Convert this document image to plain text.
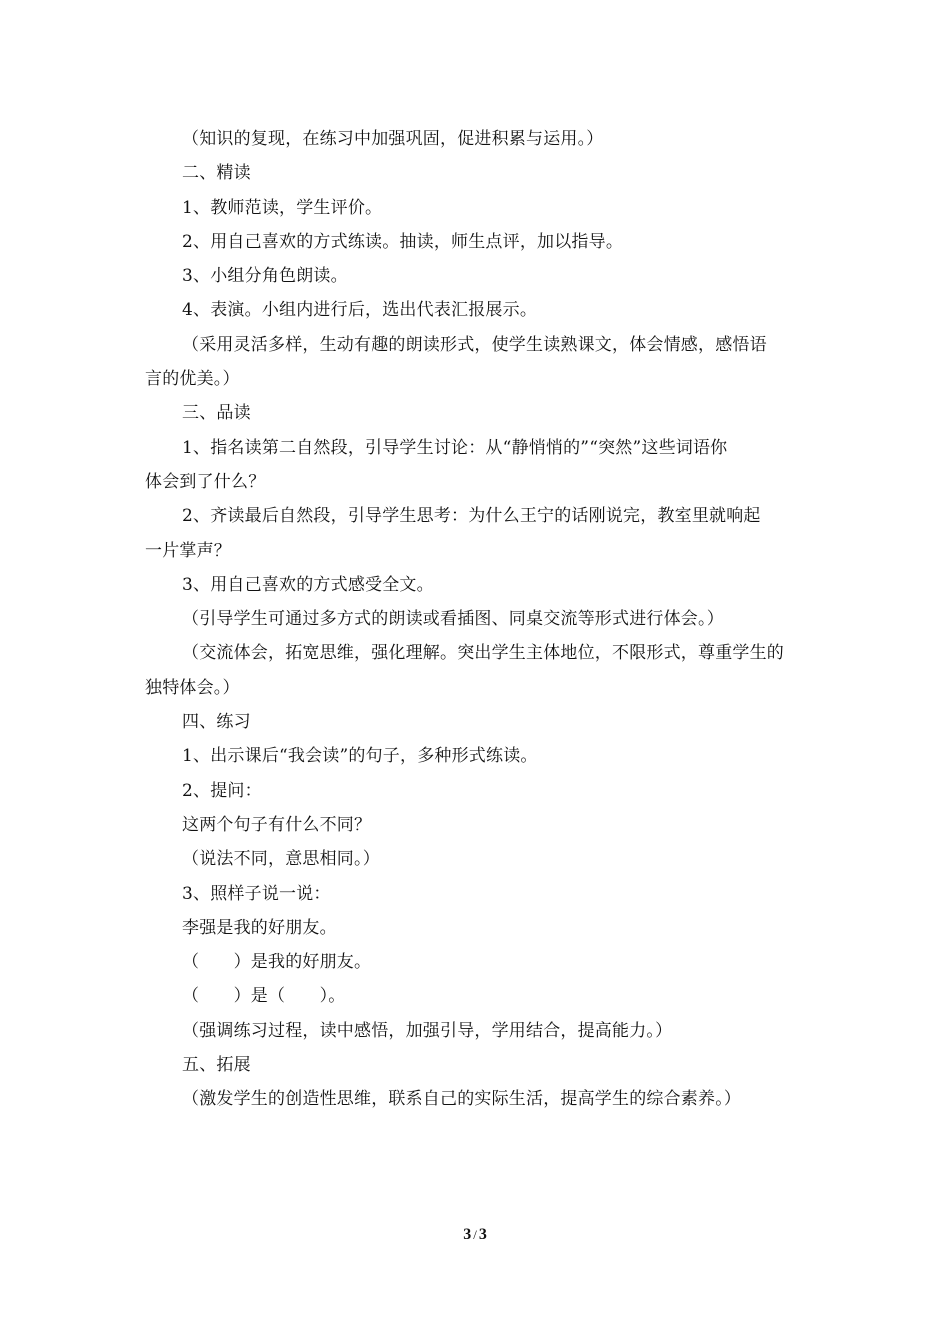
（知识的复现，在练习中加强巩固，促进积累与运用。）
二、精读
1、教师范读，学生评价。
2、用自己喜欢的方式练读。抽读，师生点评，加以指导。
3、小组分角色朗读。
4、表演。小组内进行后，选出代表汇报展示。
（采用灵活多样，生动有趣的朗读形式，使学生读熟课文，体会情感，感悟语
言的优美。）
三、品读
1、指名读第二自然段，引导学生讨论：从“静悄悄的”“突然”这些词语你
体会到了什么？
2、齐读最后自然段，引导学生思考：为什么王宁的话刚说完，教室里就响起
一片掌声？
3、用自己喜欢的方式感受全文。
（引导学生可通过多方式的朗读或看插图、同桌交流等形式进行体会。）
（交流体会，拓宽思维，强化理解。突出学生主体地位，不限形式，尊重学生的
独特体会。）
四、练习
1、出示课后“我会读”的句子，多种形式练读。
2、提问：
这两个句子有什么不同？
（说法不同，意思相同。）
3、照样子说一说：
李强是我的好朋友。
（　　）是我的好朋友。
（　　）是（　　）。
（强调练习过程，读中感悟，加强引导，学用结合，提高能力。）
五、拓展
（激发学生的创造性思维，联系自己的实际生活，提高学生的综合素养。）
3 / 3
